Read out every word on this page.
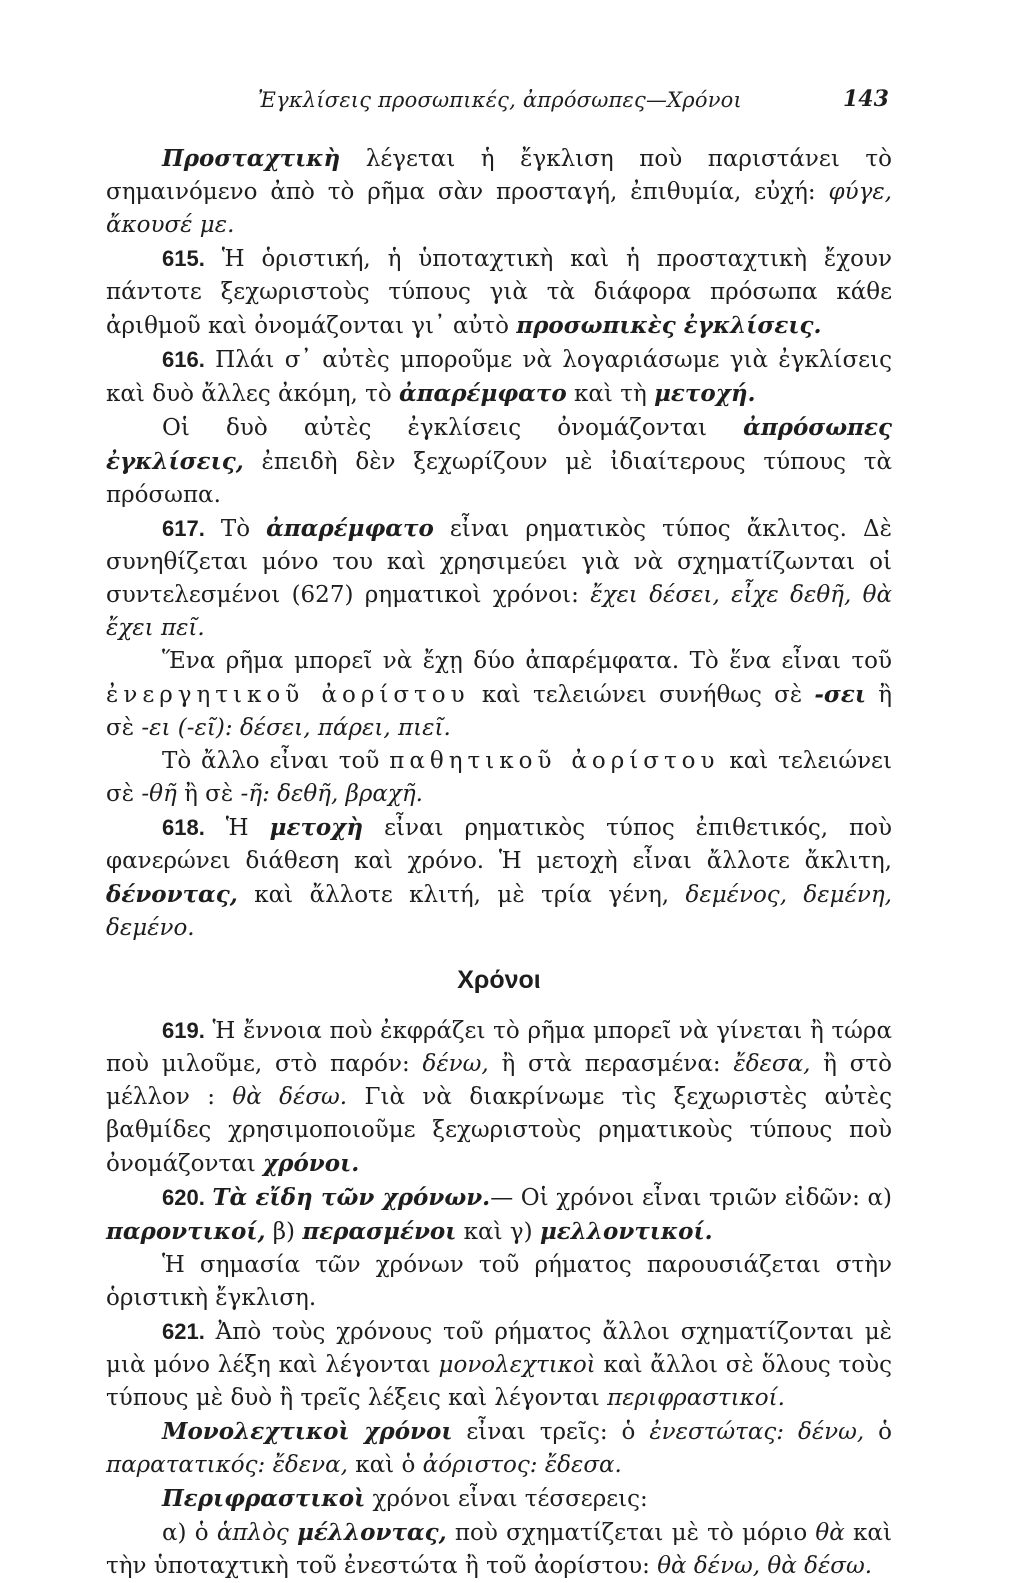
Ἐγκλίσεις προσωπικές, ἀπρόσωπες—Χρόνοι	143

Προσταχτικὴ λέγεται ἡ ἔγκλιση ποὺ παριστάνει τὸ σημαινόμενο ἀπὸ τὸ ρῆμα σὰν προσταγή, ἐπιθυμία, εὐχή: φύγε, ἄκουσέ με.

615. Ἡ ὁριστική, ἡ ὑποταχτικὴ καὶ ἡ προσταχτικὴ ἔχουν πάντοτε ξεχωριστοὺς τύπους γιὰ τὰ διάφορα πρόσωπα κάθε ἀριθμοῦ καὶ ὀνομάζονται γι᾽ αὐτὸ προσωπικὲς ἐγκλίσεις.

616. Πλάι σ᾽ αὐτὲς μποροῦμε νὰ λογαριάσωμε γιὰ ἐγκλίσεις καὶ δυὸ ἄλλες ἀκόμη, τὸ ἀπαρέμφατο καὶ τὴ μετοχή.

Οἱ δυὸ αὐτὲς ἐγκλίσεις ὀνομάζονται ἀπρόσωπες ἐγκλίσεις, ἐπειδὴ δὲν ξεχωρίζουν μὲ ἰδιαίτερους τύπους τὰ πρόσωπα.

617. Τὸ ἀπαρέμφατο εἶναι ρηματικὸς τύπος ἄκλιτος. Δὲ συνηθίζεται μόνο του καὶ χρησιμεύει γιὰ νὰ σχηματίζωνται οἱ συντελεσμένοι (627) ρηματικοὶ χρόνοι: ἔχει δέσει, εἶχε δεθῆ, θὰ ἔχει πεῖ.

Ἕνα ρῆμα μπορεῖ νὰ ἔχῃ δύο ἀπαρέμφατα. Τὸ ἕνα εἶναι τοῦ ἐνεργητικοῦ ἀορίστου καὶ τελειώνει συνήθως σὲ -σει ἢ σὲ -ει (-εῖ): δέσει, πάρει, πιεῖ.

Τὸ ἄλλο εἶναι τοῦ παθητικοῦ ἀορίστου καὶ τελειώνει σὲ -θῆ ἢ σὲ -ῆ: δεθῆ, βραχῆ.

618. Ἡ μετοχὴ εἶναι ρηματικὸς τύπος ἐπιθετικός, ποὺ φανερώνει διάθεση καὶ χρόνο. Ἡ μετοχὴ εἶναι ἄλλοτε ἄκλιτη, δένοντας, καὶ ἄλλοτε κλιτή, μὲ τρία γένη, δεμένος, δεμένη, δεμένο.

Χρόνοι

619. Ἡ ἔννοια ποὺ ἐκφράζει τὸ ρῆμα μπορεῖ νὰ γίνεται ἢ τώρα ποὺ μιλοῦμε, στὸ παρόν: δένω, ἢ στὰ περασμένα: ἔδεσα, ἢ στὸ μέλλον : θὰ δέσω. Γιὰ νὰ διακρίνωμε τὶς ξεχωριστὲς αὐτὲς βαθμίδες χρησιμοποιοῦμε ξεχωριστοὺς ρηματικοὺς τύπους ποὺ ὀνομάζονται χρόνοι.

620. Τὰ εἴδη τῶν χρόνων.— Οἱ χρόνοι εἶναι τριῶν εἰδῶν: α) παροντικοί, β) περασμένοι καὶ γ) μελλοντικοί.

Ἡ σημασία τῶν χρόνων τοῦ ρήματος παρουσιάζεται στὴν ὁριστικὴ ἔγκλιση.

621. Ἀπὸ τοὺς χρόνους τοῦ ρήματος ἄλλοι σχηματίζονται μὲ μιὰ μόνο λέξη καὶ λέγονται μονολεχτικοὶ καὶ ἄλλοι σὲ ὅλους τοὺς τύπους μὲ δυὸ ἢ τρεῖς λέξεις καὶ λέγονται περιφραστικοί.

Μονολεχτικοὶ χρόνοι εἶναι τρεῖς: ὁ ἐνεστώτας: δένω, ὁ παρατατικός: ἔδενα, καὶ ὁ ἀόριστος: ἔδεσα.

Περιφραστικοὶ χρόνοι εἶναι τέσσερεις:

α) ὁ ἁπλὸς μέλλοντας, ποὺ σχηματίζεται μὲ τὸ μόριο θὰ καὶ τὴν ὑποταχτικὴ τοῦ ἐνεστώτα ἢ τοῦ ἀορίστου: θὰ δένω, θὰ δέσω.
